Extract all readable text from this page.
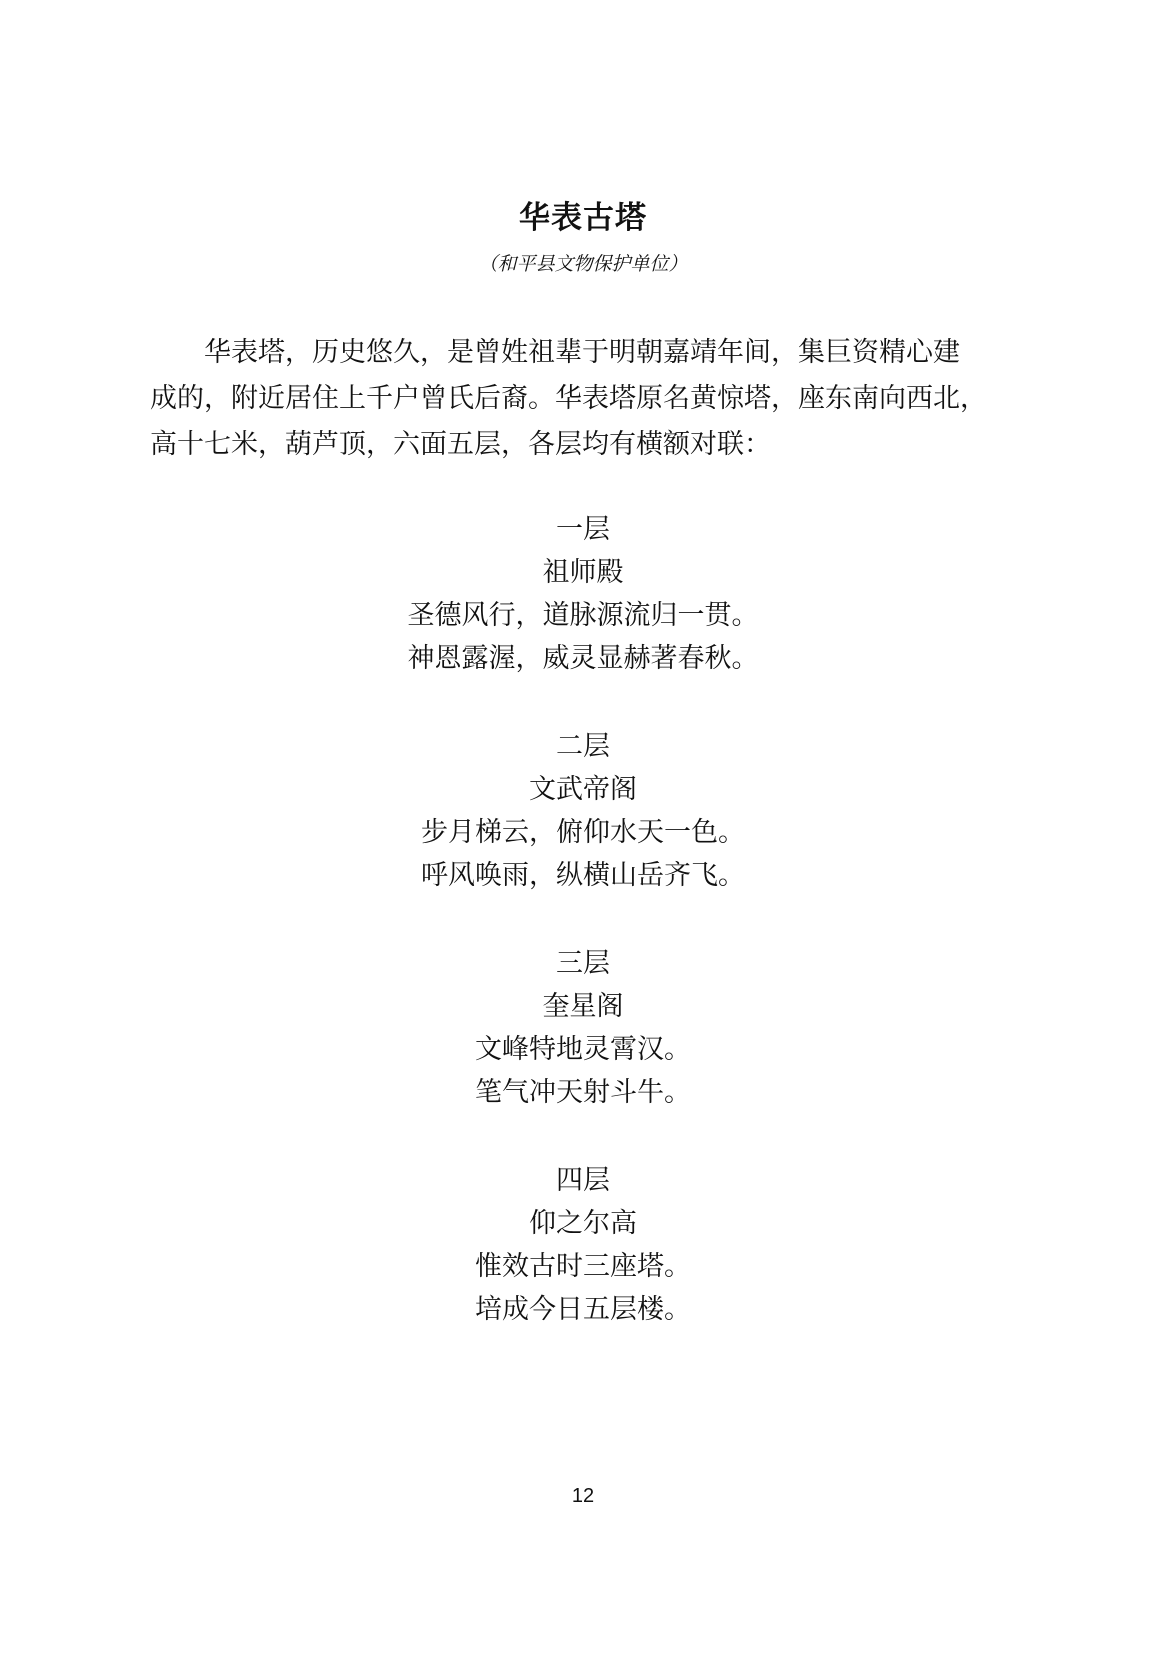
华表古塔
（和平县文物保护单位）

华表塔，历史悠久，是曾姓祖辈于明朝嘉靖年间，集巨资精心建
成的，附近居住上千户曾氏后裔。华表塔原名黄惊塔，座东南向西北，
高十七米，葫芦顶，六面五层，各层均有横额对联：

一层
祖师殿
圣德风行，道脉源流归一贯。
神恩露渥，威灵显赫著春秋。
二层
文武帝阁
步月梯云，俯仰水天一色。
呼风唤雨，纵横山岳齐飞。
三层
奎星阁
文峰特地灵霄汉。
笔气冲天射斗牛。
四层
仰之尔高
惟效古时三座塔。
培成今日五层楼。
12
